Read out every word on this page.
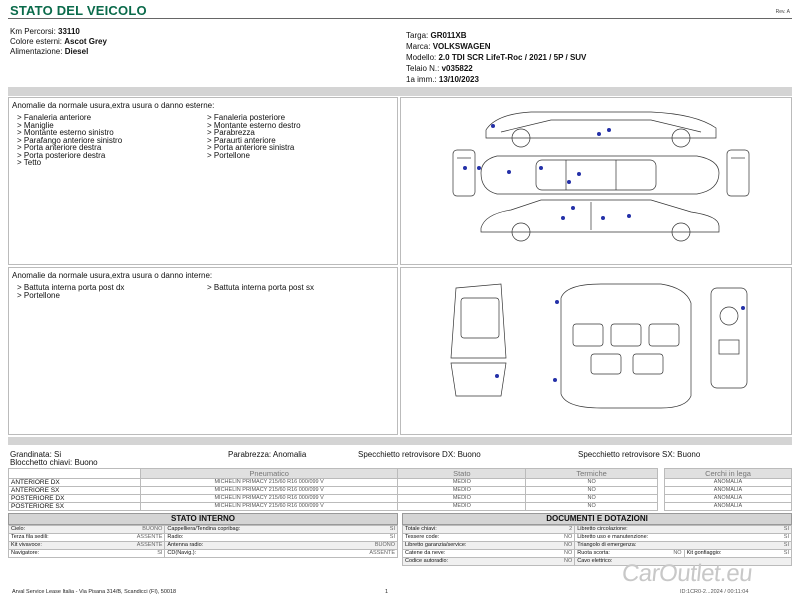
STATO DEL VEICOLO	Rev. A
Km Percorsi: 33110
Colore esterni: Ascot Grey
Alimentazione: Diesel
Targa: GR011XB
Marca: VOLKSWAGEN
Modello: 2.0 TDI SCR LifeT-Roc / 2021 / 5P / SUV
Telaio N.: v035822
1a imm.: 13/10/2023
Anomalie da normale usura,extra usura o danno esterne:
> Fanaleria anteriore
> Maniglie
> Montante esterno sinistro
> Parafango anteriore sinistro
> Porta anteriore destra
> Porta posteriore destra
> Tetto
> Fanaleria posteriore
> Montante esterno destro
> Parabrezza
> Paraurti anteriore
> Porta anteriore sinistra
> Portellone
Anomalie da normale usura,extra usura o danno interne:
> Battuta interna porta post dx
> Portellone
> Battuta interna porta post sx
Grandinata: Si	Parabrezza: Anomalia	Specchietto retrovisore DX: Buono	Specchietto retrovisore SX: Buono
Blocchetto chiavi: Buono
	Pneumatico	Stato	Termiche
ANTERIORE DX	MICHELIN PRIMACY 215/60 R16 000/099 V	MEDIO	NO
ANTERIORE SX	MICHELIN PRIMACY 215/60 R16 000/099 V	MEDIO	NO
POSTERIORE DX	MICHELIN PRIMACY 215/60 R16 000/099 V	MEDIO	NO
POSTERIORE SX	MICHELIN PRIMACY 215/60 R16 000/099 V	MEDIO	NO
Cerchi in lega
ANOMALIA
ANOMALIA
ANOMALIA
ANOMALIA
STATO INTERNO
Cielo:	BUONO	Cappelliera/Tendina copribag:	SI
Terza fila sedili:	ASSENTE	Radio:	SI
Kit vivavoce:	ASSENTE	Antenna radio:	BUONO
Navigatore:	SI	CD(Navig.):	ASSENTE
DOCUMENTI E DOTAZIONI
Totale chiavi:	2	Libretto circolazione:			SI
Tessere code:	NO	Libretto uso e manutenzione:			SI
Libretto garanzia/service:	NO	Triangolo di emergenza:			SI
Catene da neve:	NO	Ruota scorta:	NO	Kit gonfiaggio:	SI
Codice autoradio:	NO	Cavo elettrico:			CarOutlet.eu
Arval Service Lease Italia - Via Pisana 314/B, Scandicci (FI), 50018	1	ID:1CR0-2...2024 / 00:11:04
